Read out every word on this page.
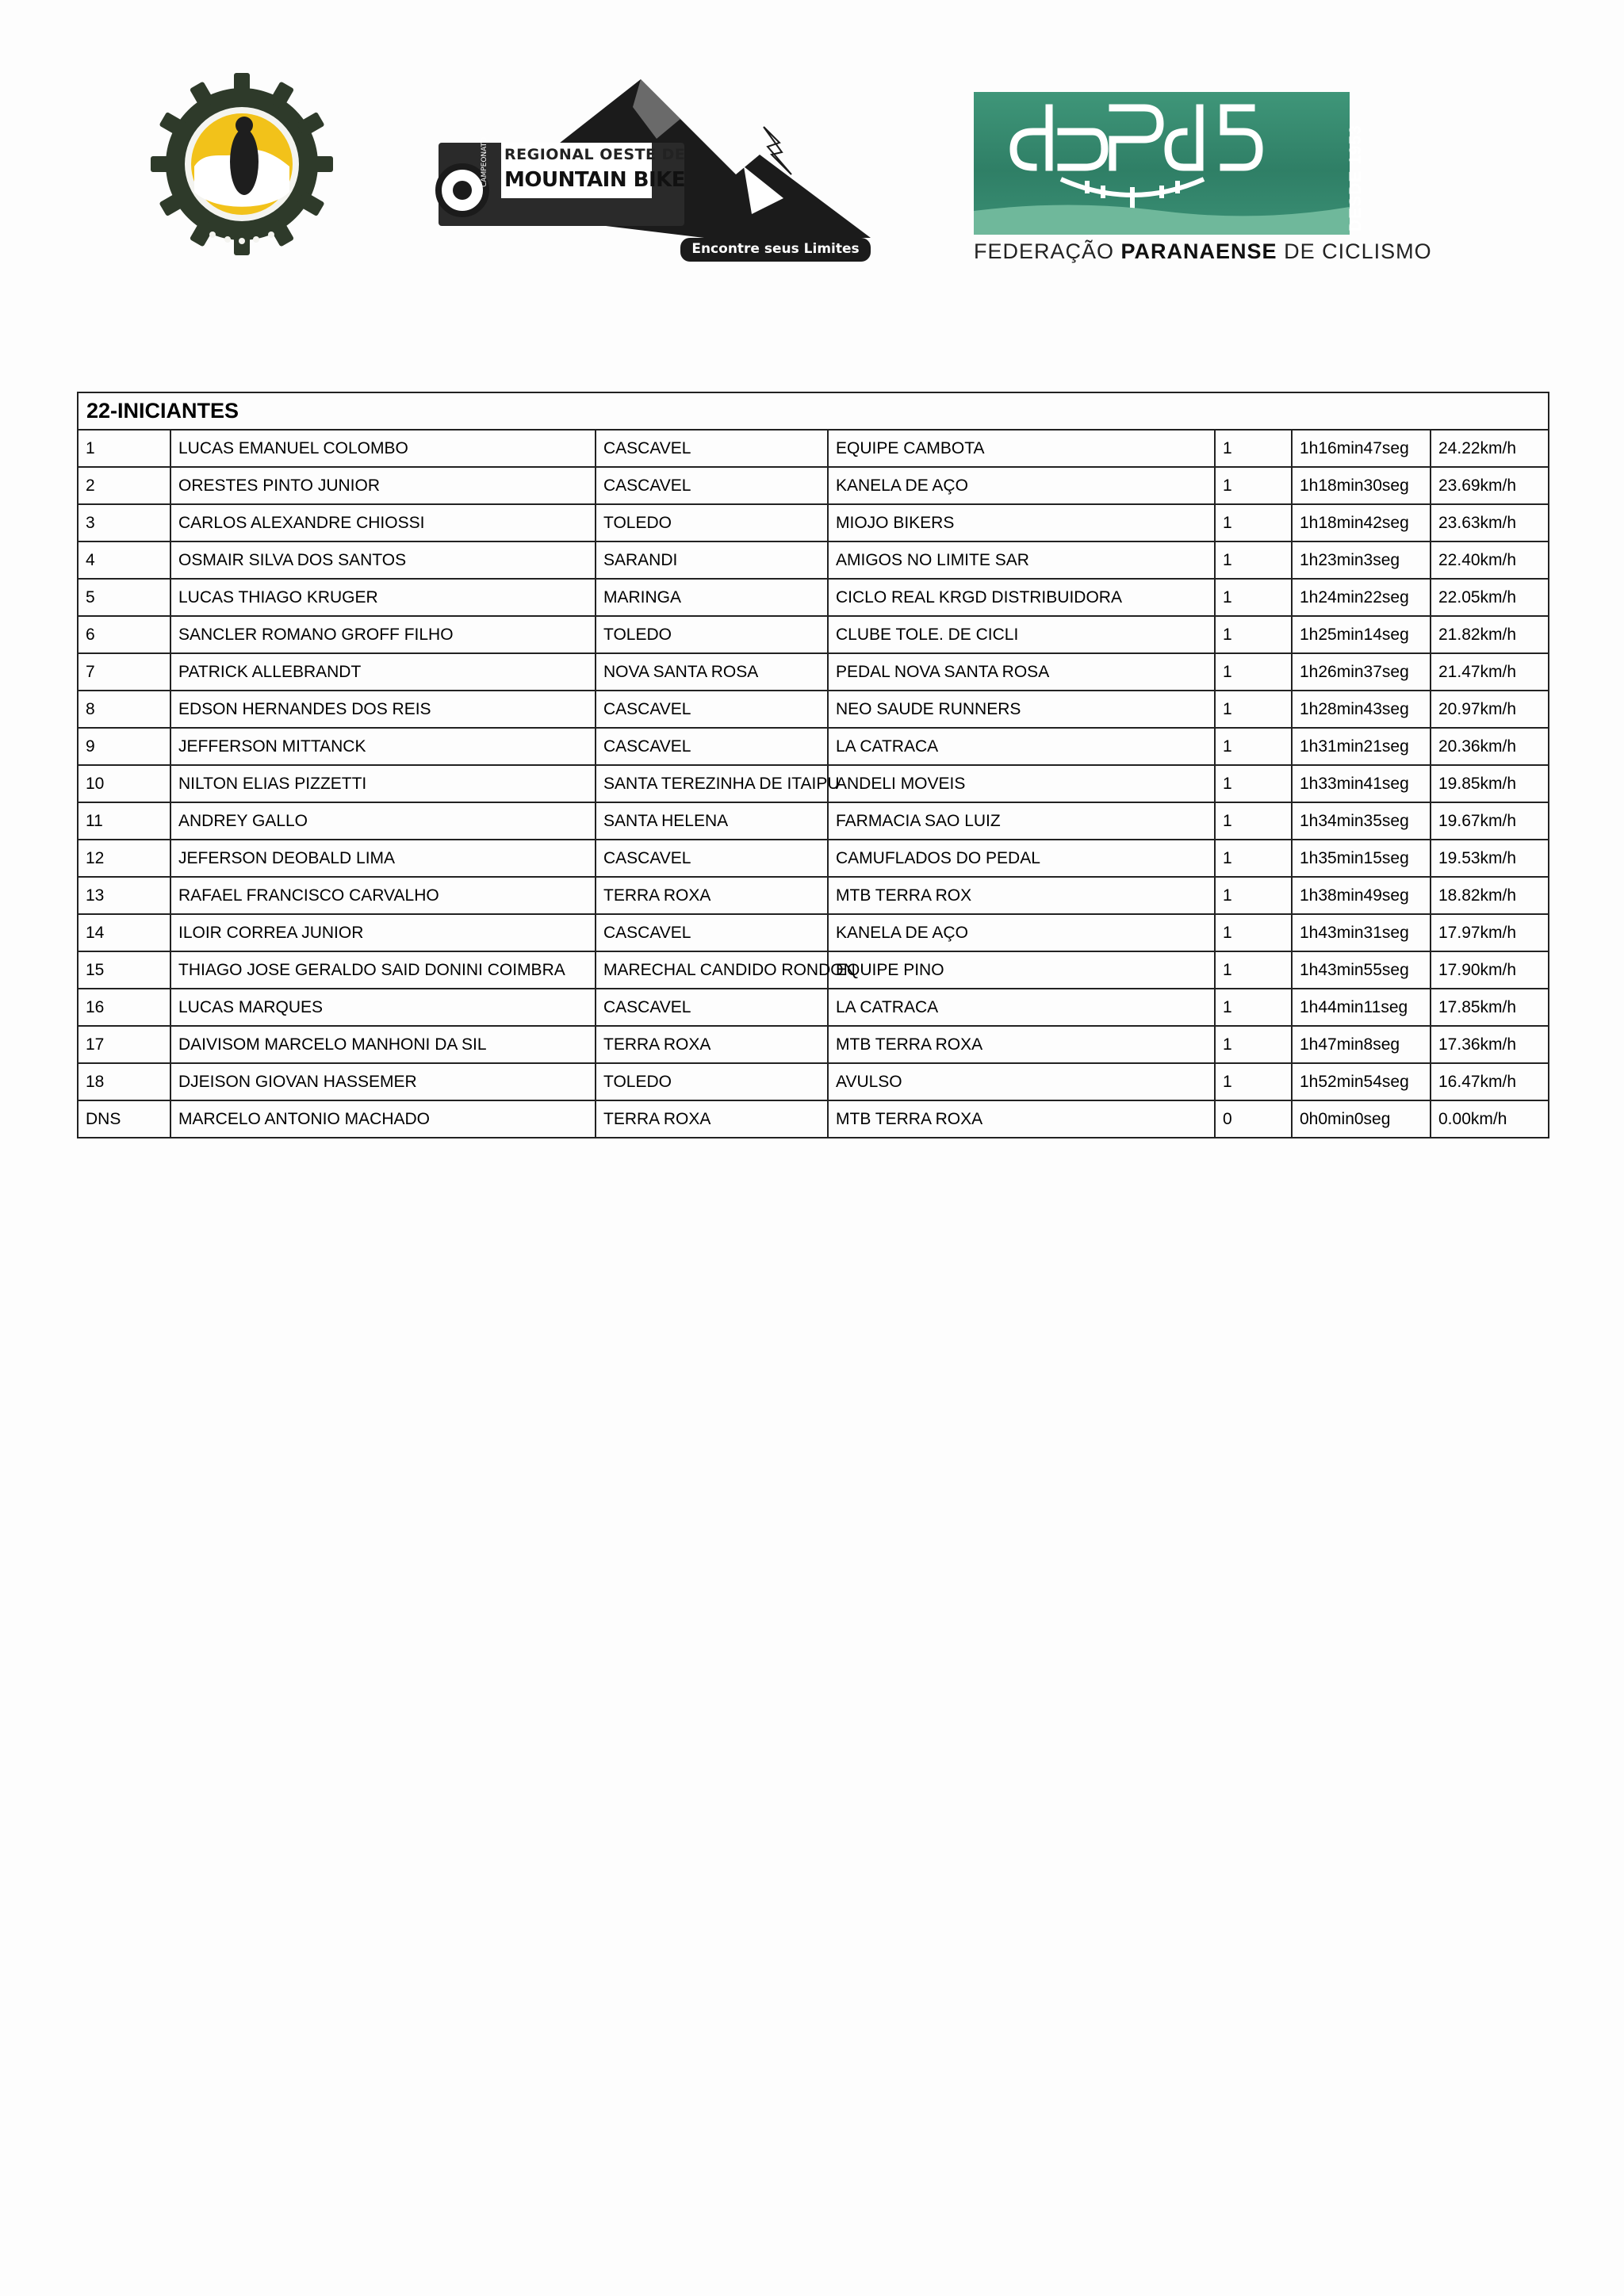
REGIONAL OESTE DE
MOUNTAIN BIKE
CAMPEONATO
Encontre seus Limites
DESDE 1953
FEDERAÇÃO PARANAENSE DE CICLISMO
22-INICIANTES						
1	LUCAS EMANUEL COLOMBO	CASCAVEL	EQUIPE CAMBOTA	1	1h16min47seg	24.22km/h
2	ORESTES PINTO JUNIOR	CASCAVEL	KANELA DE AÇO	1	1h18min30seg	23.69km/h
3	CARLOS ALEXANDRE CHIOSSI	TOLEDO	MIOJO BIKERS	1	1h18min42seg	23.63km/h
4	OSMAIR SILVA DOS SANTOS	SARANDI	AMIGOS NO LIMITE SAR	1	1h23min3seg	22.40km/h
5	LUCAS THIAGO KRUGER	MARINGA	CICLO REAL KRGD DISTRIBUIDORA	1	1h24min22seg	22.05km/h
6	SANCLER ROMANO GROFF FILHO	TOLEDO	CLUBE TOLE. DE CICLI	1	1h25min14seg	21.82km/h
7	PATRICK ALLEBRANDT	NOVA SANTA ROSA	PEDAL NOVA SANTA ROSA	1	1h26min37seg	21.47km/h
8	EDSON HERNANDES DOS REIS	CASCAVEL	NEO SAUDE RUNNERS	1	1h28min43seg	20.97km/h
9	JEFFERSON MITTANCK	CASCAVEL	LA CATRACA	1	1h31min21seg	20.36km/h
10	NILTON ELIAS PIZZETTI	SANTA TEREZINHA DE ITAIPU	ANDELI MOVEIS	1	1h33min41seg	19.85km/h
11	ANDREY GALLO	SANTA HELENA	FARMACIA SAO LUIZ	1	1h34min35seg	19.67km/h
12	JEFERSON DEOBALD LIMA	CASCAVEL	CAMUFLADOS DO PEDAL	1	1h35min15seg	19.53km/h
13	RAFAEL FRANCISCO CARVALHO	TERRA ROXA	MTB TERRA ROX	1	1h38min49seg	18.82km/h
14	ILOIR CORREA JUNIOR	CASCAVEL	KANELA DE AÇO	1	1h43min31seg	17.97km/h
15	THIAGO JOSE GERALDO SAID DONINI COIMBRA	MARECHAL CANDIDO RONDON	EQUIPE PINO	1	1h43min55seg	17.90km/h
16	LUCAS MARQUES	CASCAVEL	LA CATRACA	1	1h44min11seg	17.85km/h
17	DAIVISOM MARCELO MANHONI DA SIL	TERRA ROXA	MTB TERRA ROXA	1	1h47min8seg	17.36km/h
18	DJEISON GIOVAN HASSEMER	TOLEDO	AVULSO	1	1h52min54seg	16.47km/h
DNS	MARCELO ANTONIO MACHADO	TERRA ROXA	MTB TERRA ROXA	0	0h0min0seg	0.00km/h
